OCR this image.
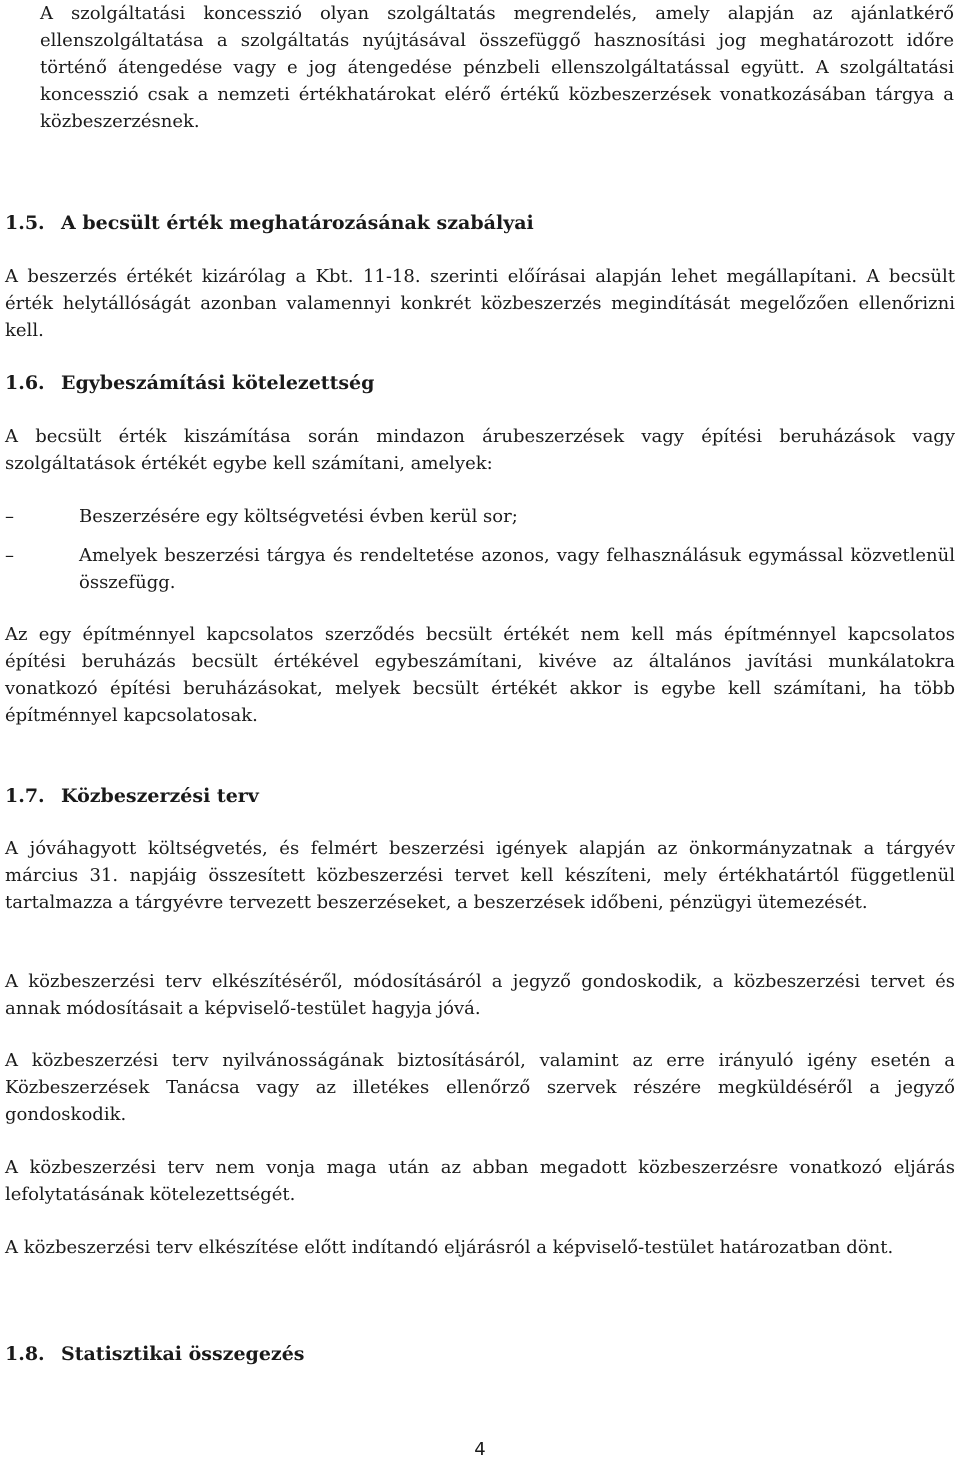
A szolgáltatási koncesszió olyan szolgáltatás megrendelés, amely alapján az ajánlatkérő ellenszolgáltatása a szolgáltatás nyújtásával összefüggő hasznosítási jog meghatározott időre történő átengedése vagy e jog átengedése pénzbeli ellenszolgáltatással együtt. A szolgáltatási koncesszió csak a nemzeti értékhatárokat elérő értékű közbeszerzések vonatkozásában tárgya a közbeszerzésnek.

1.5. A becsült érték meghatározásának szabályai

A beszerzés értékét kizárólag a Kbt. 11-18. szerinti előírásai alapján lehet megállapítani. A becsült érték helytállóságát azonban valamennyi konkrét közbeszerzés megindítását megelőzően ellenőrizni kell.

1.6. Egybeszámítási kötelezettség

A becsült érték kiszámítása során mindazon árubeszerzések vagy építési beruházások vagy szolgáltatások értékét egybe kell számítani, amelyek:

–	Beszerzésére egy költségvetési évben kerül sor;
–	Amelyek beszerzési tárgya és rendeltetése azonos, vagy felhasználásuk egymással közvetlenül összefügg.

Az egy építménnyel kapcsolatos szerződés becsült értékét nem kell más építménnyel kapcsolatos építési beruházás becsült értékével egybeszámítani, kivéve az általános javítási munkálatokra vonatkozó építési beruházásokat, melyek becsült értékét akkor is egybe kell számítani, ha több építménnyel kapcsolatosak.

1.7. Közbeszerzési terv

A jóváhagyott költségvetés, és felmért beszerzési igények alapján az önkormányzatnak a tárgyév március 31. napjáig összesített közbeszerzési tervet kell készíteni, mely értékhatártól függetlenül tartalmazza a tárgyévre tervezett beszerzéseket, a beszerzések időbeni, pénzügyi ütemezését.

A közbeszerzési terv elkészítéséről, módosításáról a jegyző gondoskodik, a közbeszerzési tervet és annak módosításait a képviselő-testület hagyja jóvá.

A közbeszerzési terv nyilvánosságának biztosításáról, valamint az erre irányuló igény esetén a Közbeszerzések Tanácsa vagy az illetékes ellenőrző szervek részére megküldéséről a jegyző gondoskodik.

A közbeszerzési terv nem vonja maga után az abban megadott közbeszerzésre vonatkozó eljárás lefolytatásának kötelezettségét.

A közbeszerzési terv elkészítése előtt indítandó eljárásról a képviselő-testület határozatban dönt.

1.8. Statisztikai összegezés
4
